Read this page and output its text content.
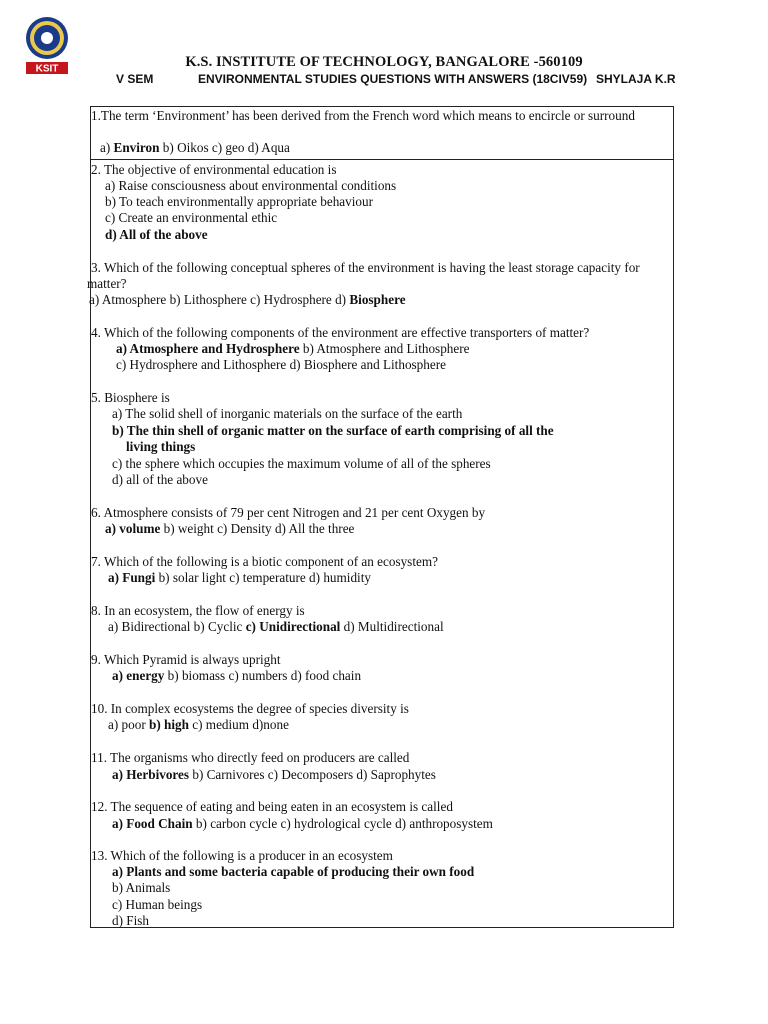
KSIT	K.S. INSTITUTE OF TECHNOLOGY, BANGALORE -560109
V SEM	ENVIRONMENTAL STUDIES QUESTIONS WITH ANSWERS (18CIV59) SHYLAJA K.R
1.The term ‘Environment’ has been derived from the French word which means to encircle or surround
a) Environ b) Oikos c) geo d) Aqua
2. The objective of environmental education is
a) Raise consciousness about environmental conditions
b) To teach environmentally appropriate behaviour
c) Create an environmental ethic
d) All of the above
3. Which of the following conceptual spheres of the environment is having the least storage capacity for
matter?
a) Atmosphere b) Lithosphere c) Hydrosphere d) Biosphere
4. Which of the following components of the environment are effective transporters of matter?
a) Atmosphere and Hydrosphere b) Atmosphere and Lithosphere
c) Hydrosphere and Lithosphere d) Biosphere and Lithosphere
5. Biosphere is
a) The solid shell of inorganic materials on the surface of the earth
b) The thin shell of organic matter on the surface of earth comprising of all the
living things
c) the sphere which occupies the maximum volume of all of the spheres
d) all of the above
6. Atmosphere consists of 79 per cent Nitrogen and 21 per cent Oxygen by
a) volume b) weight c) Density d) All the three
7. Which of the following is a biotic component of an ecosystem?
a) Fungi b) solar light c) temperature d) humidity
8. In an ecosystem, the flow of energy is
a) Bidirectional b) Cyclic c) Unidirectional d) Multidirectional
9. Which Pyramid is always upright
a) energy b) biomass c) numbers d) food chain
10. In complex ecosystems the degree of species diversity is
a) poor b) high c) medium d)none
11. The organisms who directly feed on producers are called
a) Herbivores b) Carnivores c) Decomposers d) Saprophytes
12. The sequence of eating and being eaten in an ecosystem is called
a) Food Chain b) carbon cycle c) hydrological cycle d) anthroposystem
13. Which of the following is a producer in an ecosystem
a) Plants and some bacteria capable of producing their own food
b) Animals
c) Human beings
d) Fish
